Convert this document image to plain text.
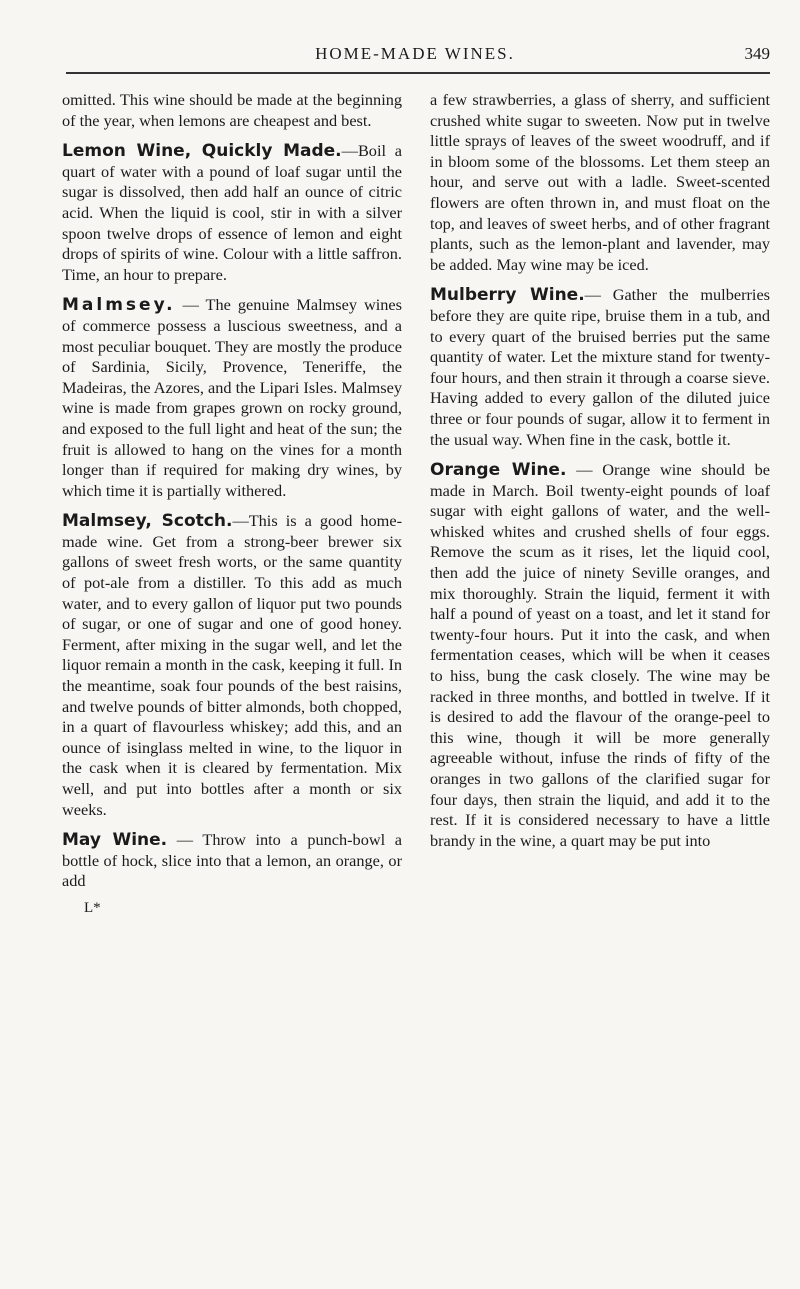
HOME-MADE WINES.	349

omitted. This wine should be made at the beginning of the year, when lemons are cheapest and best.

Lemon Wine, Quickly Made.—Boil a quart of water with a pound of loaf sugar until the sugar is dissolved, then add half an ounce of citric acid. When the liquid is cool, stir in with a silver spoon twelve drops of essence of lemon and eight drops of spirits of wine. Colour with a little saffron. Time, an hour to prepare.

Malmsey. — The genuine Malmsey wines of commerce possess a luscious sweetness, and a most peculiar bouquet. They are mostly the produce of Sardinia, Sicily, Provence, Teneriffe, the Madeiras, the Azores, and the Lipari Isles. Malmsey wine is made from grapes grown on rocky ground, and exposed to the full light and heat of the sun; the fruit is allowed to hang on the vines for a month longer than if required for making dry wines, by which time it is partially withered.

Malmsey, Scotch.—This is a good home-made wine. Get from a strong-beer brewer six gallons of sweet fresh worts, or the same quantity of pot-ale from a distiller. To this add as much water, and to every gallon of liquor put two pounds of sugar, or one of sugar and one of good honey. Ferment, after mixing in the sugar well, and let the liquor remain a month in the cask, keeping it full. In the meantime, soak four pounds of the best raisins, and twelve pounds of bitter almonds, both chopped, in a quart of flavourless whiskey; add this, and an ounce of isinglass melted in wine, to the liquor in the cask when it is cleared by fermentation. Mix well, and put into bottles after a month or six weeks.

May Wine. — Throw into a punch-bowl a bottle of hock, slice into that a lemon, an orange, or add

L*

a few strawberries, a glass of sherry, and sufficient crushed white sugar to sweeten. Now put in twelve little sprays of leaves of the sweet woodruff, and if in bloom some of the blossoms. Let them steep an hour, and serve out with a ladle. Sweet-scented flowers are often thrown in, and must float on the top, and leaves of sweet herbs, and of other fragrant plants, such as the lemon-plant and lavender, may be added. May wine may be iced.

Mulberry Wine.— Gather the mulberries before they are quite ripe, bruise them in a tub, and to every quart of the bruised berries put the same quantity of water. Let the mixture stand for twenty-four hours, and then strain it through a coarse sieve. Having added to every gallon of the diluted juice three or four pounds of sugar, allow it to ferment in the usual way. When fine in the cask, bottle it.

Orange Wine. — Orange wine should be made in March. Boil twenty-eight pounds of loaf sugar with eight gallons of water, and the well-whisked whites and crushed shells of four eggs. Remove the scum as it rises, let the liquid cool, then add the juice of ninety Seville oranges, and mix thoroughly. Strain the liquid, ferment it with half a pound of yeast on a toast, and let it stand for twenty-four hours. Put it into the cask, and when fermentation ceases, which will be when it ceases to hiss, bung the cask closely. The wine may be racked in three months, and bottled in twelve. If it is desired to add the flavour of the orange-peel to this wine, though it will be more generally agreeable without, infuse the rinds of fifty of the oranges in two gallons of the clarified sugar for four days, then strain the liquid, and add it to the rest. If it is considered necessary to have a little brandy in the wine, a quart may be put into
